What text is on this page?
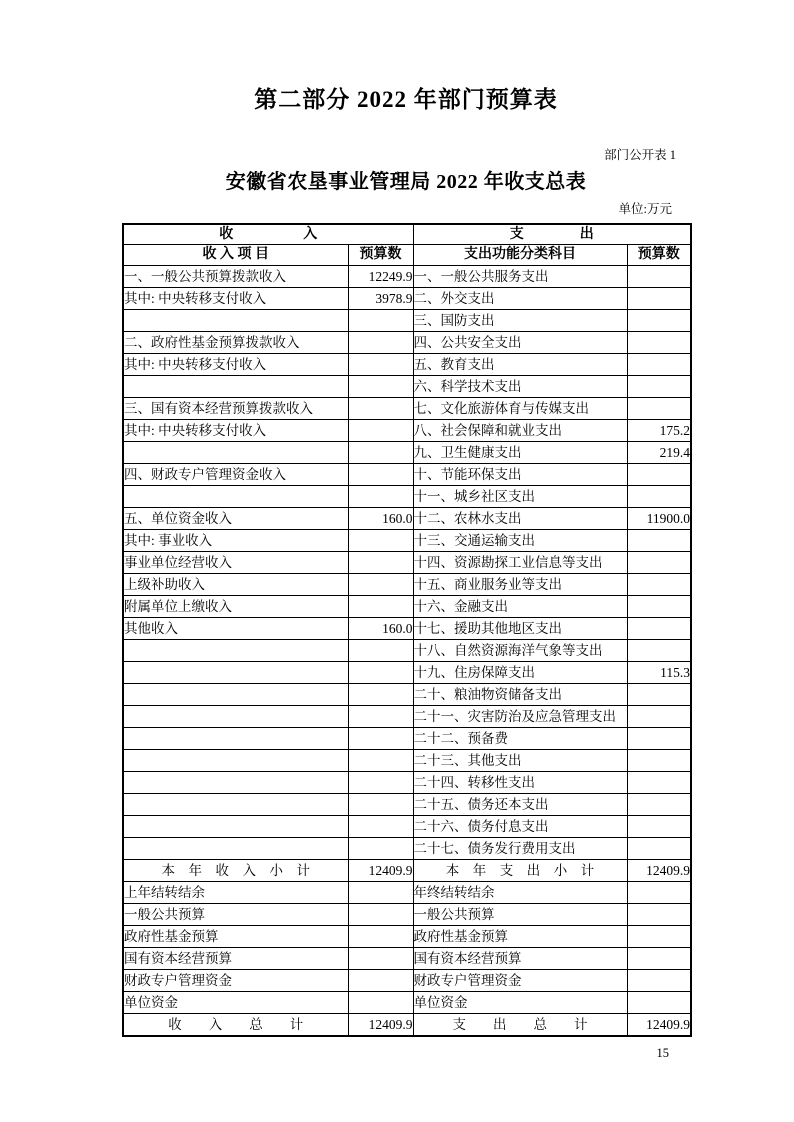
第二部分 2022 年部门预算表
部门公开表 1
安徽省农垦事业管理局 2022 年收支总表
单位:万元
收　　　　　入		支　　　　出	
收 入 项 目	预算数	支出功能分类科目	预算数
一、一般公共预算拨款收入	12249.9	一、一般公共服务支出	
其中: 中央转移支付收入	3978.9	二、外交支出	
		三、国防支出	
二、政府性基金预算拨款收入		四、公共安全支出	
其中: 中央转移支付收入		五、教育支出	
		六、科学技术支出	
三、国有资本经营预算拨款收入		七、文化旅游体育与传媒支出	
其中: 中央转移支付收入		八、社会保障和就业支出	175.2
		九、卫生健康支出	219.4
四、财政专户管理资金收入		十、节能环保支出	
		十一、城乡社区支出	
五、单位资金收入	160.0	十二、农林水支出	11900.0
其中: 事业收入		十三、交通运输支出	
事业单位经营收入		十四、资源勘探工业信息等支出	
上级补助收入		十五、商业服务业等支出	
附属单位上缴收入		十六、金融支出	
其他收入	160.0	十七、援助其他地区支出	
		十八、自然资源海洋气象等支出	
		十九、住房保障支出	115.3
		二十、粮油物资储备支出	
		二十一、灾害防治及应急管理支出	
		二十二、预备费	
		二十三、其他支出	
		二十四、转移性支出	
		二十五、债务还本支出	
		二十六、债务付息支出	
		二十七、债务发行费用支出	
本　年　收　入　小　计	12409.9	本　年　支　出　小　计	12409.9
上年结转结余		年终结转结余	
一般公共预算		一般公共预算	
政府性基金预算		政府性基金预算	
国有资本经营预算		国有资本经营预算	
财政专户管理资金		财政专户管理资金	
单位资金		单位资金	
收　　入　　总　　计	12409.9	支　　出　　总　　计	12409.9
15
